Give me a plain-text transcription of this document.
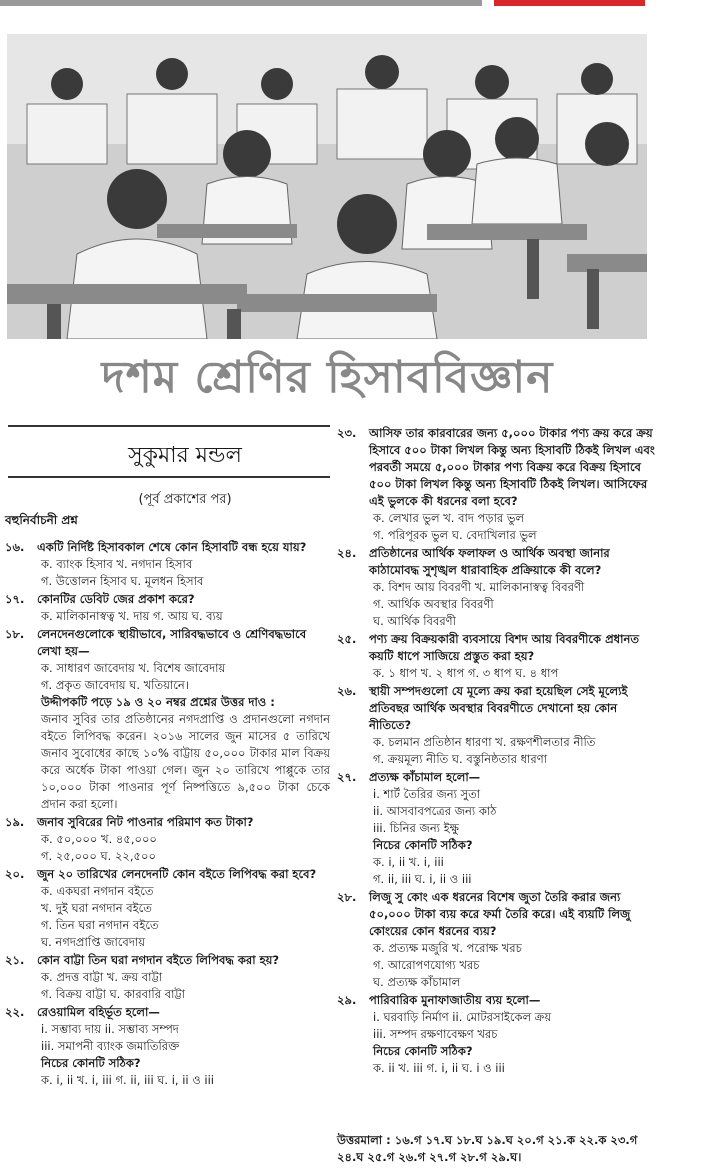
দশম শ্রেণির হিসাববিজ্ঞান
সুকুমার মন্ডল
(পূর্ব প্রকাশের পর)
বহুনির্বাচনী প্রশ্ন
১৬.	একটি নির্দিষ্ট হিসাবকাল শেষে কোন হিসাবটি বন্ধ হয়ে যায়?
ক. ব্যাংক হিসাব খ. নগদান হিসাব
গ. উত্তোলন হিসাব ঘ. মূলধন হিসাব
১৭.	কোনটির ডেবিট জের প্রকাশ করে?
ক. মালিকানাস্বত্ব খ. দায় গ. আয় ঘ. ব্যয়
১৮.	লেনদেনগুলোকে স্থায়ীভাবে, সারিবদ্ধভাবে ও শ্রেণিবদ্ধভাবে লেখা হয়—
ক. সাধারণ জাবেদায় খ. বিশেষ জাবেদায়
গ. প্রকৃত জাবেদায় ঘ. খতিয়ানে।
উদ্দীপকটি পড়ে ১৯ ও ২০ নম্বর প্রশ্নের উত্তর দাও :
জনাব সুবির তার প্রতিষ্ঠানের নগদপ্রাপ্তি ও প্রদানগুলো নগদান বইতে লিপিবদ্ধ করেন। ২০১৬ সালের জুন মাসের ৫ তারিখে জনাব সুবোধের কাছে ১০% বাট্টায় ৫০,০০০ টাকার মাল বিক্রয় করে অর্ধেক টাকা পাওয়া গেল। জুন ২০ তারিখে পাপ্পুকে তার ১০,০০০ টাকা পাওনার পূর্ণ নিষ্পত্তিতে ৯,৫০০ টাকা চেকে প্রদান করা হলো।
১৯.	জনাব সুবিরের নিট পাওনার পরিমাণ কত টাকা?
ক. ৫০,০০০ খ. ৪৫,০০০
গ. ২৫,০০০ ঘ. ২২,৫০০
২০.	জুন ২০ তারিখের লেনদেনটি কোন বইতে লিপিবদ্ধ করা হবে?
ক. একঘরা নগদান বইতে
খ. দুই ঘরা নগদান বইতে
গ. তিন ঘরা নগদান বইতে
ঘ. নগদপ্রাপ্তি জাবেদায়
২১.	কোন বাট্টা তিন ঘরা নগদান বইতে লিপিবদ্ধ করা হয়?
ক. প্রদত্ত বাট্টা খ. ক্রয় বাট্টা
গ. বিক্রয় বাট্টা ঘ. কারবারি বাট্টা
২২.	রেওয়ামিল বহির্ভূত হলো—
i. সম্ভাব্য দায় ii. সম্ভাব্য সম্পদ
iii. সমাপনী ব্যাংক জমাতিরিক্ত
নিচের কোনটি সঠিক?
ক. i, ii খ. i, iii গ. ii, iii ঘ. i, ii ও iii
২৩.	আসিফ তার কারবারের জন্য ৫,০০০ টাকার পণ্য ক্রয় করে ক্রয় হিসাবে ৫০০ টাকা লিখল কিন্তু অন্য হিসাবটি ঠিকই লিখল এবং পরবর্তী সময়ে ৫,০০০ টাকার পণ্য বিক্রয় করে বিক্রয় হিসাবে ৫০০ টাকা লিখল কিন্তু অন্য হিসাবটি ঠিকই লিখল। আসিফের এই ভুলকে কী ধরনের বলা হবে?
ক. লেখার ভুল খ. বাদ পড়ার ভুল
গ. পরিপূরক ভুল ঘ. বেদাখিলার ভুল
২৪.	প্রতিষ্ঠানের আর্থিক ফলাফল ও আর্থিক অবস্থা জানার কাঠামোবদ্ধ সুশৃঙ্খল ধারাবাহিক প্রক্রিয়াকে কী বলে?
ক. বিশদ আয় বিবরণী খ. মালিকানাস্বত্ব বিবরণী
গ. আর্থিক অবস্থার বিবরণী
ঘ. আর্থিক বিবরণী
২৫.	পণ্য ক্রয় বিক্রয়কারী ব্যবসায়ে বিশদ আয় বিবরণীকে প্রধানত কয়টি ধাপে সাজিয়ে প্রস্তুত করা হয়?
ক. ১ ধাপ খ. ২ ধাপ গ. ৩ ধাপ ঘ. ৪ ধাপ
২৬.	স্থায়ী সম্পদগুলো যে মূল্যে ক্রয় করা হয়েছিল সেই মূল্যেই প্রতিবছর আর্থিক অবস্থার বিবরণীতে দেখানো হয় কোন নীতিতে?
ক. চলমান প্রতিষ্ঠান ধারণা খ. রক্ষণশীলতার নীতি
গ. ক্রয়মূল্য নীতি ঘ. বস্তুনিষ্ঠতার ধারণা
২৭.	প্রত্যক্ষ কাঁচামাল হলো—
i. শার্ট তৈরির জন্য সুতা
ii. আসবাবপত্রের জন্য কাঠ
iii. চিনির জন্য ইক্ষু
নিচের কোনটি সঠিক?
ক. i, ii খ. i, iii
গ. ii, iii ঘ. i, ii ও iii
২৮.	লিজু সু কোং এক ধরনের বিশেষ জুতা তৈরি করার জন্য ৫০,০০০ টাকা ব্যয় করে ফর্মা তৈরি করে। এই ব্যয়টি লিজু কোংয়ের কোন ধরনের ব্যয়?
ক. প্রত্যক্ষ মজুরি খ. পরোক্ষ খরচ
গ. আরোপণযোগ্য খরচ
ঘ. প্রত্যক্ষ কাঁচামাল
২৯.	পারিবারিক মুনাফাজাতীয় ব্যয় হলো—
i. ঘরবাড়ি নির্মাণ ii. মোটরসাইকেল ক্রয়
iii. সম্পদ রক্ষণাবেক্ষণ খরচ
নিচের কোনটি সঠিক?
ক. ii খ. iii গ. i, ii ঘ. i ও iii
উত্তরমালা : ১৬.গ ১৭.ঘ ১৮.ঘ ১৯.ঘ ২০.গ ২১.ক ২২.ক ২৩.গ ২৪.ঘ ২৫.গ ২৬.গ ২৭.গ ২৮.গ ২৯.ঘ।
